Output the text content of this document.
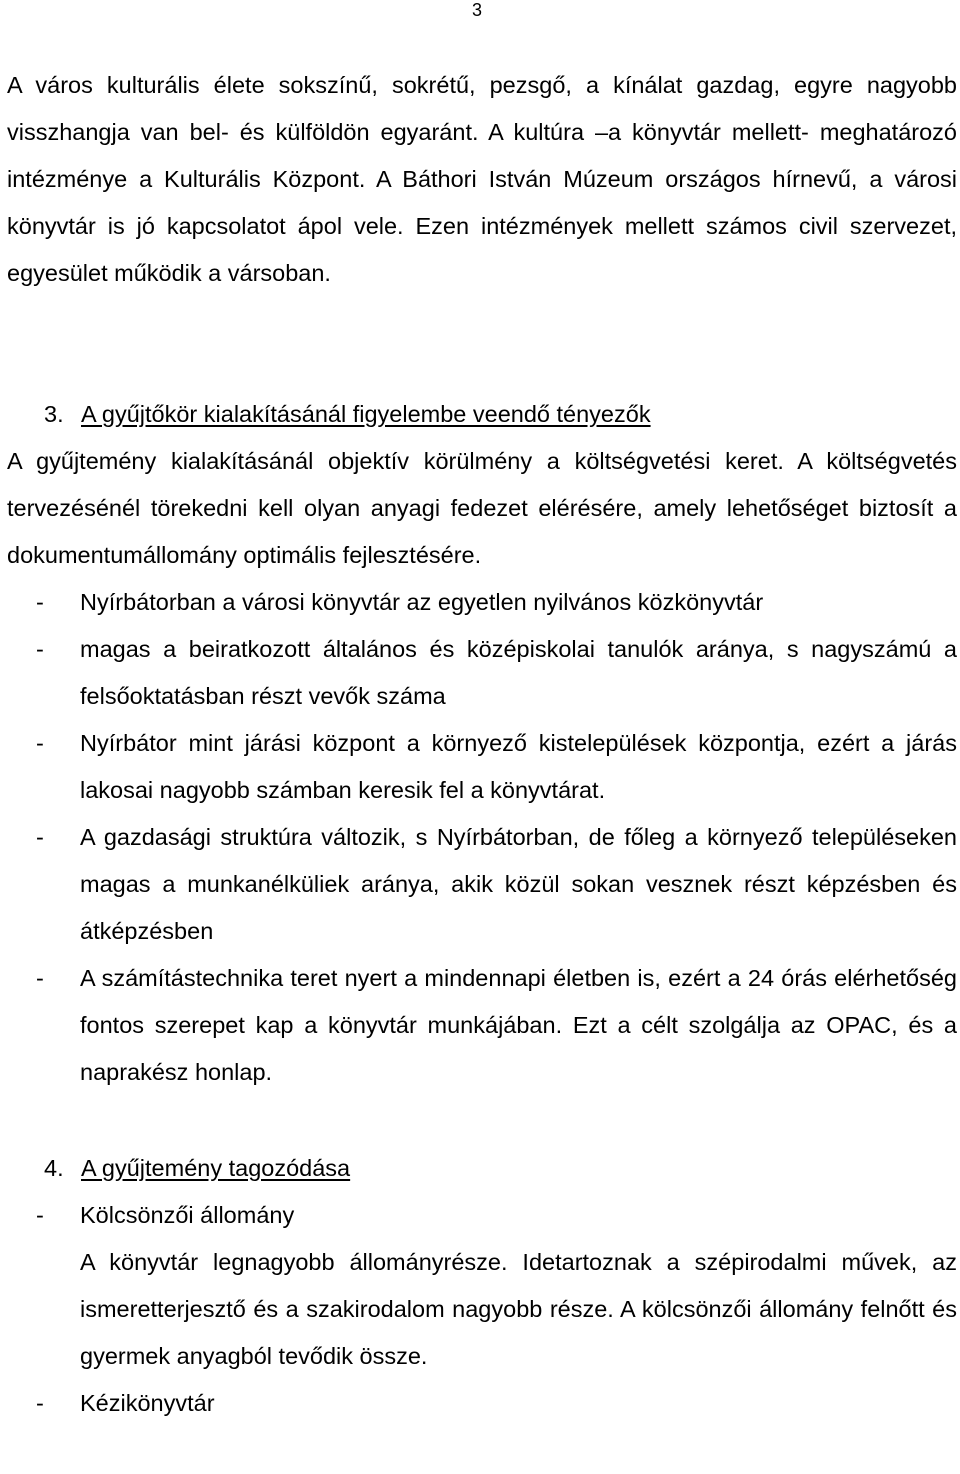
3

A város kulturális élete sokszínű, sokrétű, pezsgő, a kínálat gazdag, egyre nagyobb visszhangja van bel- és külföldön egyaránt. A kultúra –a könyvtár mellett- meghatározó intézménye a Kulturális Központ. A Báthori István Múzeum országos hírnevű, a városi könyvtár is jó kapcsolatot ápol vele. Ezen intézmények mellett számos civil szervezet, egyesület működik a vársoban.

3. A gyűjtőkör kialakításánál figyelembe veendő tényezők

A gyűjtemény kialakításánál objektív körülmény a költségvetési keret. A költségvetés tervezésénél törekedni kell olyan anyagi fedezet elérésére, amely lehetőséget biztosít a dokumentumállomány optimális fejlesztésére.

-	Nyírbátorban a városi könyvtár az egyetlen nyilvános közkönyvtár
-	magas a beiratkozott általános és középiskolai tanulók aránya, s nagyszámú a felsőoktatásban részt vevők száma
-	Nyírbátor mint járási központ a környező kistelepülések központja, ezért a járás lakosai nagyobb számban keresik fel a könyvtárat.
-	A gazdasági struktúra változik, s Nyírbátorban, de főleg a környező településeken magas a munkanélküliek aránya, akik közül sokan vesznek részt képzésben és átképzésben
-	A számítástechnika teret nyert a mindennapi életben is, ezért a 24 órás elérhetőség fontos szerepet kap a könyvtár munkájában. Ezt a célt szolgálja az OPAC, és a naprakész honlap.

4. A gyűjtemény tagozódása

-	Kölcsönzői állomány

A könyvtár legnagyobb állományrésze. Idetartoznak a szépirodalmi művek, az ismeretterjesztő és a szakirodalom nagyobb része. A kölcsönzői állomány felnőtt és gyermek anyagból tevődik össze.

-	Kézikönyvtár
